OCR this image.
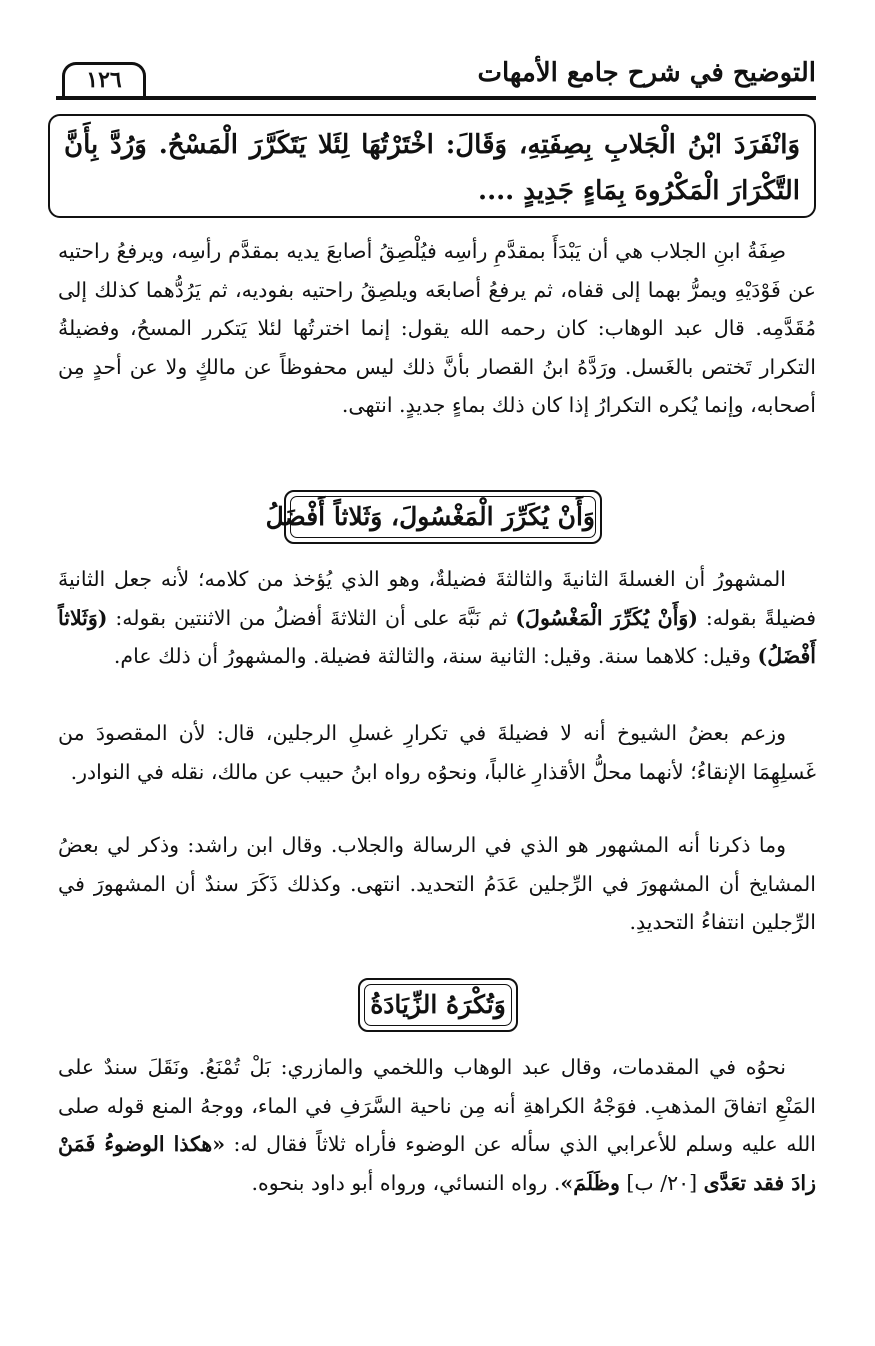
التوضيح في شرح جامع الأمهات
١٢٦
وَانْفَرَدَ ابْنُ الْجَلابِ بِصِفَتِهِ، وَقَالَ: اخْتَرْتُهَا لِئَلا يَتَكَرَّرَ الْمَسْحُ. وَرُدَّ بِأَنَّ التَّكْرَارَ الْمَكْرُوهَ بِمَاءٍ جَدِيدٍ ....
صِفَةُ ابنِ الجلاب هي أن يَبْدَأَ بمقدَّمِ رأسِه فيُلْصِقُ أصابعَ يديه بمقدَّم رأسِه، ويرفعُ راحتيه عن فَوْدَيْهِ ويمرُّ بهما إلى قفاه، ثم يرفعُ أصابعَه ويلصِقُ راحتيه بفوديه، ثم يَرُدُّهما كذلك إلى مُقَدَّمِه. قال عبد الوهاب: كان رحمه الله يقول: إنما اخترتُها لئلا يَتكرر المسحُ، وفضيلةُ التكرار تَختص بالغَسل. ورَدَّهُ ابنُ القصار بأنَّ ذلك ليس محفوظاً عن مالكٍ ولا عن أحدٍ مِن أصحابه، وإنما يُكره التكرارُ إذا كان ذلك بماءٍ جديدٍ. انتهى.
وَأَنْ يُكَرِّرَ الْمَغْسُولَ، وَثَلاثاً أَفْضَلُ
المشهورُ أن الغسلةَ الثانيةَ والثالثةَ فضيلةٌ، وهو الذي يُؤخذ من كلامه؛ لأنه جعل الثانيةَ فضيلةً بقوله: (وَأَنْ يُكَرِّرَ الْمَغْسُولَ) ثم نَبَّهَ على أن الثلاثةَ أفضلُ من الاثنتين بقوله: (وَثَلاثاً أَفْضَلُ) وقيل: كلاهما سنة. وقيل: الثانية سنة، والثالثة فضيلة. والمشهورُ أن ذلك عام.
وزعم بعضُ الشيوخ أنه لا فضيلةَ في تكرارِ غسلِ الرجلين، قال: لأن المقصودَ من غَسلِهِمَا الإنقاءُ؛ لأنهما محلُّ الأقذارِ غالباً، ونحوُه رواه ابنُ حبيب عن مالك، نقله في النوادر.
وما ذكرنا أنه المشهور هو الذي في الرسالة والجلاب. وقال ابن راشد: وذكر لي بعضُ المشايخ أن المشهورَ في الرِّجلين عَدَمُ التحديد. انتهى. وكذلك ذَكَرَ سندٌ أن المشهورَ في الرِّجلين انتفاءُ التحديدِ.
وَتُكْرَهُ الزِّيَادَةُ
نحوُه في المقدمات، وقال عبد الوهاب واللخمي والمازري: بَلْ تُمْنَعُ. ونَقَلَ سندٌ على المَنْعِ اتفاقَ المذهبِ. فوَجْهُ الكراهةِ أنه مِن ناحية السَّرَفِ في الماء، ووجهُ المنع قوله صلى الله عليه وسلم للأعرابي الذي سأله عن الوضوء فأراه ثلاثاً فقال له: «هكذا الوضوءُ فَمَنْ زادَ فقد تعَدَّى [٢٠/ ب] وظَلَمَ». رواه النسائي، ورواه أبو داود بنحوه.
